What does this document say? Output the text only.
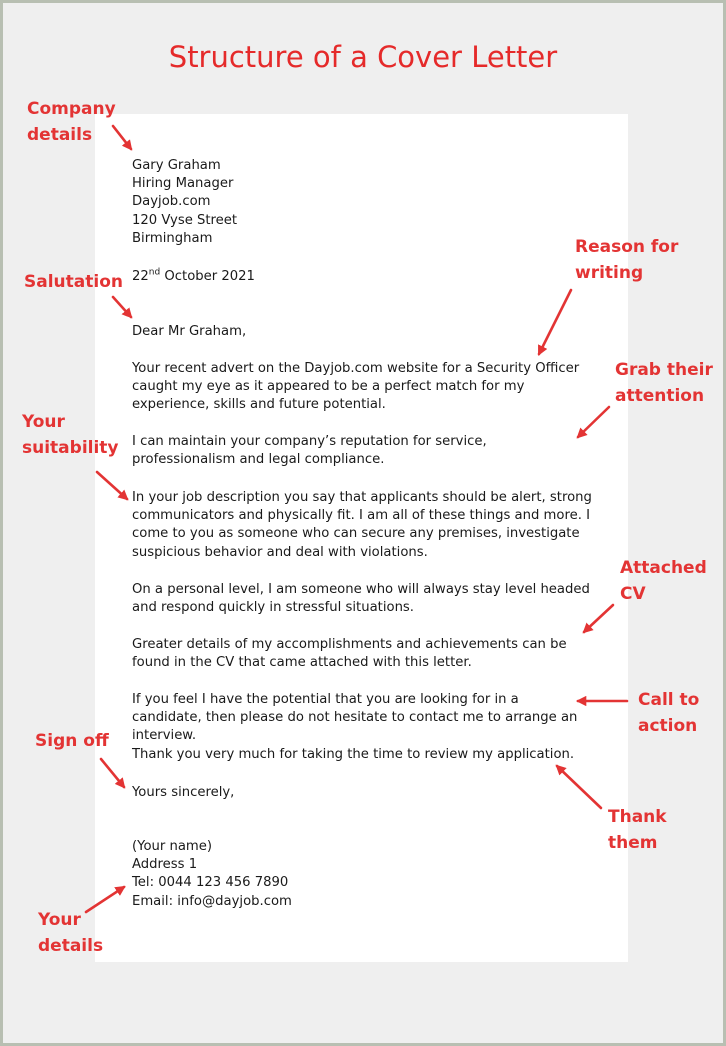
Structure of a Cover Letter

Gary Graham

Hiring Manager

Dayjob.com

120 Vyse Street

Birmingham

22nd October 2021

Dear Mr Graham,

Your recent advert on the Dayjob.com website for a Security Officer caught my eye as it appeared to be a perfect match for my experience, skills and future potential.

I can maintain your company’s reputation for service, professionalism and legal compliance.

In your job description you say that applicants should be alert, strong communicators and physically fit. I am all of these things and more. I come to you as someone who can secure any premises, investigate suspicious behavior and deal with violations.

On a personal level, I am someone who will always stay level headed and respond quickly in stressful situations.

Greater details of my accomplishments and achievements can be found in the CV that came attached with this letter.

If you feel I have the potential that you are looking for in a candidate, then please do not hesitate to contact me to arrange an interview.

Thank you very much for taking the time to review my application.

Yours sincerely,

(Your name)

Address 1

Tel: 0044 123 456 7890

Email: info@dayjob.com

Company
details
Salutation
Your
suitability
Sign off
Your
details
Reason for
writing
Grab their
attention
Attached
CV
Call to
action
Thank
them
